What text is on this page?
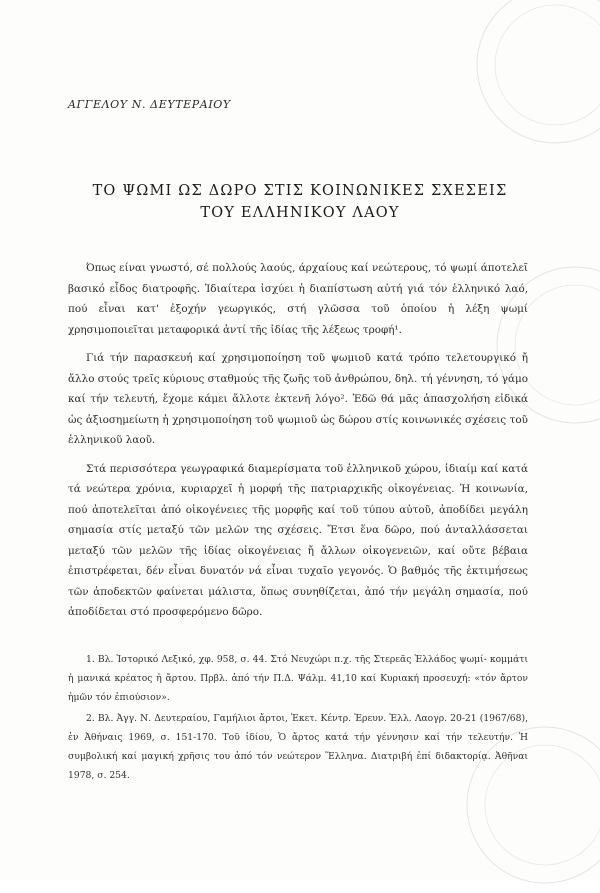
ΑΓΓΕΛΟΥ Ν. ΔΕΥΤΕΡΑΙΟΥ
ΤΟ ΨΩΜΙ ΩΣ ΔΩΡΟ ΣΤΙΣ ΚΟΙΝΩΝΙΚΕΣ ΣΧΕΣΕΙΣ
ΤΟΥ ΕΛΛΗΝΙΚΟΥ ΛΑΟΥ

Όπως είναι γνωστό, σέ πολλούς λαούς, άρχαίους καί νεώτερους, τό ψωμί άποτελεῖ βασικό εἶδος διατροφῆς. Ἰδιαίτερα ἰσχύει ἡ διαπίστωση αὐτή γιά τόν ἑλληνικό λαό, πού εἶναι κατ' ἐξοχήν γεωργικός, στή γλῶσσα τοῦ ὁποίου ἡ λέξη ψωμί χρησιμοποιεῖται μεταφορικά ἀντί τῆς ἰδίας τῆς λέξεως τροφή¹.

Γιά τήν παρασκευή καί χρησιμοποίηση τοῦ ψωμιοῦ κατά τρόπο τελετουργικό ἤ ἄλλο στούς τρεῖς κύριους σταθμούς τῆς ζωῆς τοῦ ἀνθρώπου, δηλ. τή γέννηση, τό γάμο καί τήν τελευτή, ἔχομε κάμει ἄλλοτε ἐκτενῆ λόγο². Ἐδῶ θά μᾶς ἀπασχολήση εἰδικά ὡς ἀξιοσημείωτη ἡ χρησιμοποίηση τοῦ ψωμιοῦ ὡς δώρου στίς κοινωνικές σχέσεις τοῦ ἑλληνικοῦ λαοῦ.

Στά περισσότερα γεωγραφικά διαμερίσματα τοῦ ἑλληνικοῦ χώρου, ἰδιαίμ καί κατά τά νεώτερα χρόνια, κυριαρχεῖ ἡ μορφή τῆς πατριαρχικῆς οἰκογένειας. Ἡ κοινωνία, πού ἀποτελεῖται ἀπό οἰκογένειες τῆς μορφῆς καί τοῦ τύπου αὐτοῦ, ἀποδίδει μεγάλη σημασία στίς μεταξύ τῶν μελῶν της σχέσεις. Ἔτσι ἕνα δῶρο, πού ἀνταλλάσσεται μεταξύ τῶν μελῶν τῆς ἰδίας οἰκογένειας ἤ ἄλλων οἰκογενειῶν, καί οὔτε βέβαια ἐπιστρέφεται, δέν εἶναι δυνατόν νά εἶναι τυχαῖο γεγονός. Ὁ βαθμός τῆς ἐκτιμήσεως τῶν ἀποδεκτῶν φαίνεται μάλιστα, ὅπως συνηθίζεται, ἀπό τήν μεγάλη σημασία, πού ἀποδίδεται στό προσφερόμενο δῶρο.

1. Βλ. Ἱστορικό Λεξικό, χφ. 958, σ. 44. Στό Νευχώρι π.χ. τῆς Στερεᾶς Ἑλλάδος ψωμί- κομμάτι ἡ μανικά κρέατος ἡ ἄρτου. Πρβλ. ἀπό τήν Π.Δ. Ψάλμ. 41,10 καί Κυριακή προσευχή: «τόν ἄρτον ἡμῶν τόν ἐπιούσιον».

2. Βλ. Ἀγγ. Ν. Δευτεραίου, Γαμήλιοι ἄρτοι, Ἐκετ. Κέντρ. Ἐρευν. Ἑλλ. Λαογρ. 20-21 (1967/68), ἐν Ἀθήναις 1969, σ. 151-170. Τοῦ ἰδίου, Ὁ ἄρτος κατά τήν γέννησιν καί τήν τελευτήν. Ἡ συμβολική καί μαγική χρῆσις του ἀπό τόν νεώτερον Ἕλληνα. Διατριβή ἐπί διδακτορίᾳ. Ἀθῆναι 1978, σ. 254.
